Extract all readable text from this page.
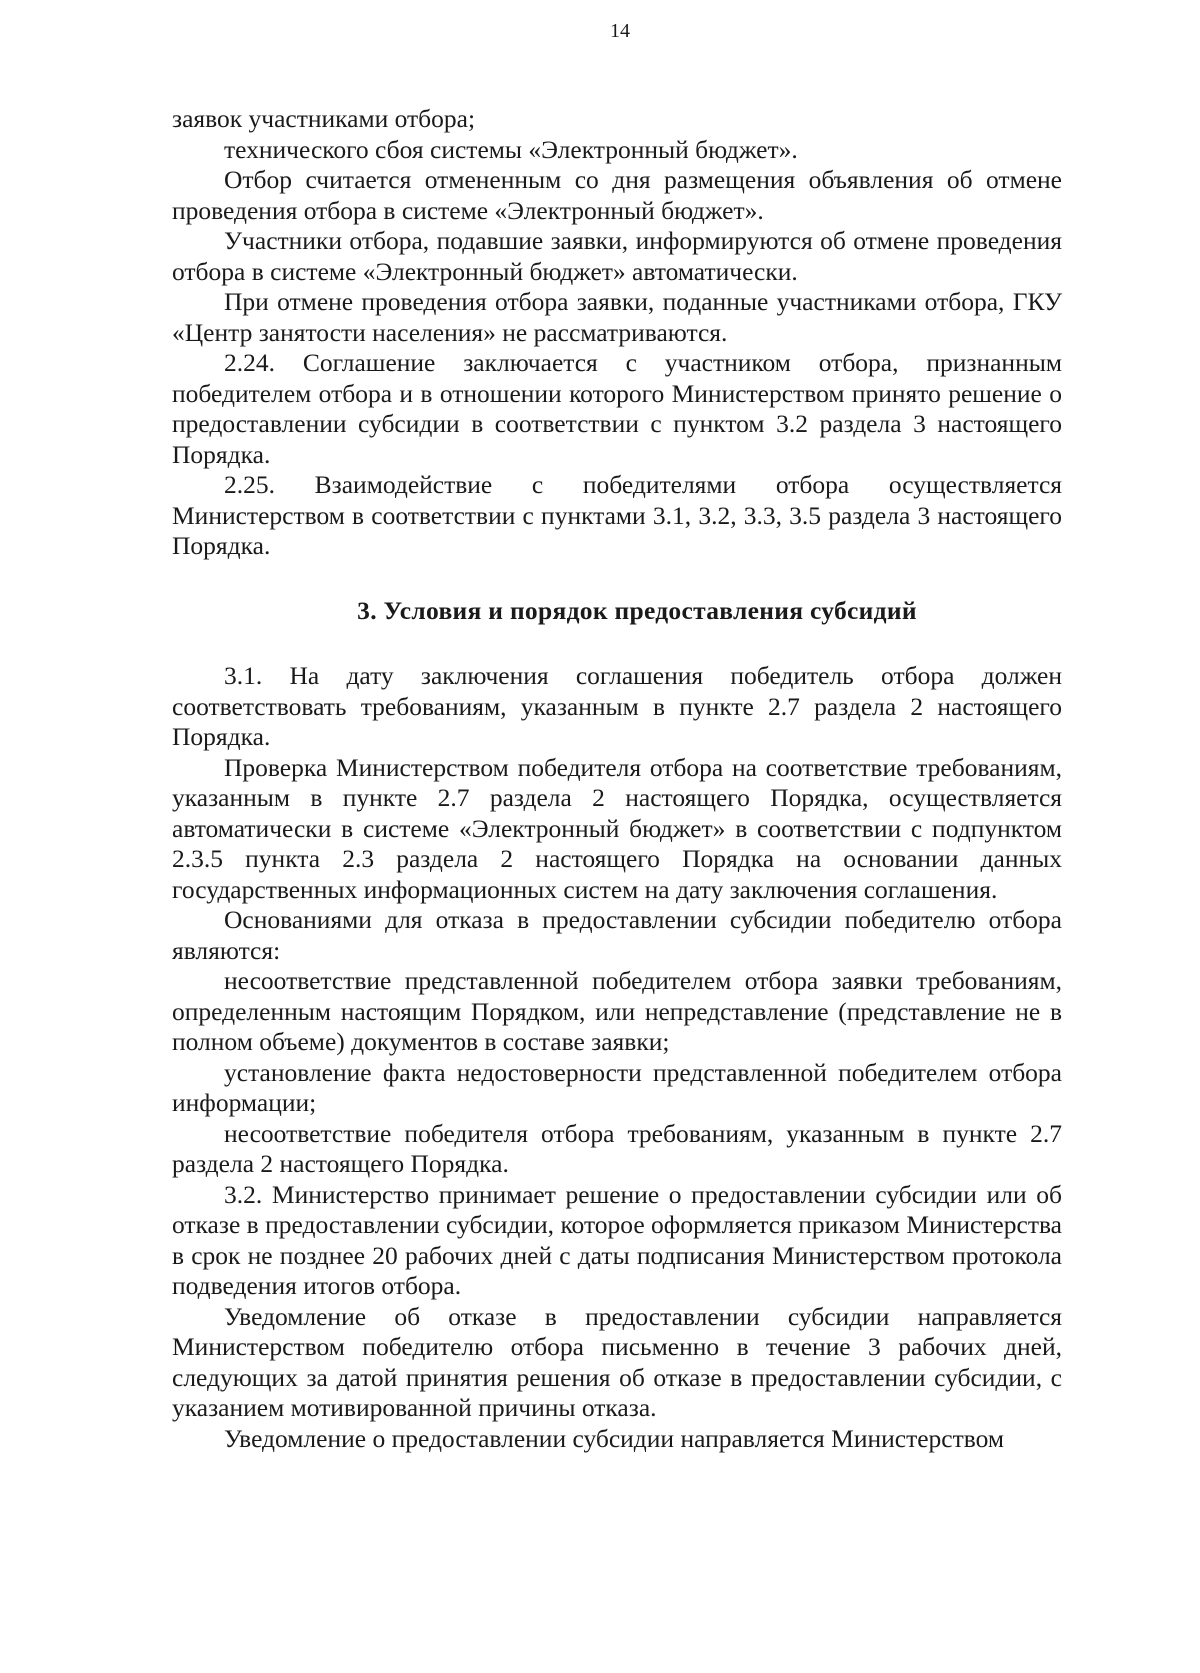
14

заявок участниками отбора;

технического сбоя системы «Электронный бюджет».

Отбор считается отмененным со дня размещения объявления об отмене проведения отбора в системе «Электронный бюджет».

Участники отбора, подавшие заявки, информируются об отмене проведения отбора в системе «Электронный бюджет» автоматически.

При отмене проведения отбора заявки, поданные участниками отбора, ГКУ «Центр занятости населения» не рассматриваются.

2.24. Соглашение заключается с участником отбора, признанным победителем отбора и в отношении которого Министерством принято решение о предоставлении субсидии в соответствии с пунктом 3.2 раздела 3 настоящего Порядка.

2.25. Взаимодействие с победителями отбора осуществляется Министерством в соответствии с пунктами 3.1, 3.2, 3.3, 3.5 раздела 3 настоящего Порядка.

3. Условия и порядок предоставления субсидий

3.1. На дату заключения соглашения победитель отбора должен соответствовать требованиям, указанным в пункте 2.7 раздела 2 настоящего Порядка.

Проверка Министерством победителя отбора на соответствие требованиям, указанным в пункте 2.7 раздела 2 настоящего Порядка, осуществляется автоматически в системе «Электронный бюджет» в соответствии с подпунктом 2.3.5 пункта 2.3 раздела 2 настоящего Порядка на основании данных государственных информационных систем на дату заключения соглашения.

Основаниями для отказа в предоставлении субсидии победителю отбора являются:

несоответствие представленной победителем отбора заявки требованиям, определенным настоящим Порядком, или непредставление (представление не в полном объеме) документов в составе заявки;

установление факта недостоверности представленной победителем отбора информации;

несоответствие победителя отбора требованиям, указанным в пункте 2.7 раздела 2 настоящего Порядка.

3.2. Министерство принимает решение о предоставлении субсидии или об отказе в предоставлении субсидии, которое оформляется приказом Министерства в срок не позднее 20 рабочих дней с даты подписания Министерством протокола подведения итогов отбора.

Уведомление об отказе в предоставлении субсидии направляется Министерством победителю отбора письменно в течение 3 рабочих дней, следующих за датой принятия решения об отказе в предоставлении субсидии, с указанием мотивированной причины отказа.

Уведомление о предоставлении субсидии направляется Министерством
